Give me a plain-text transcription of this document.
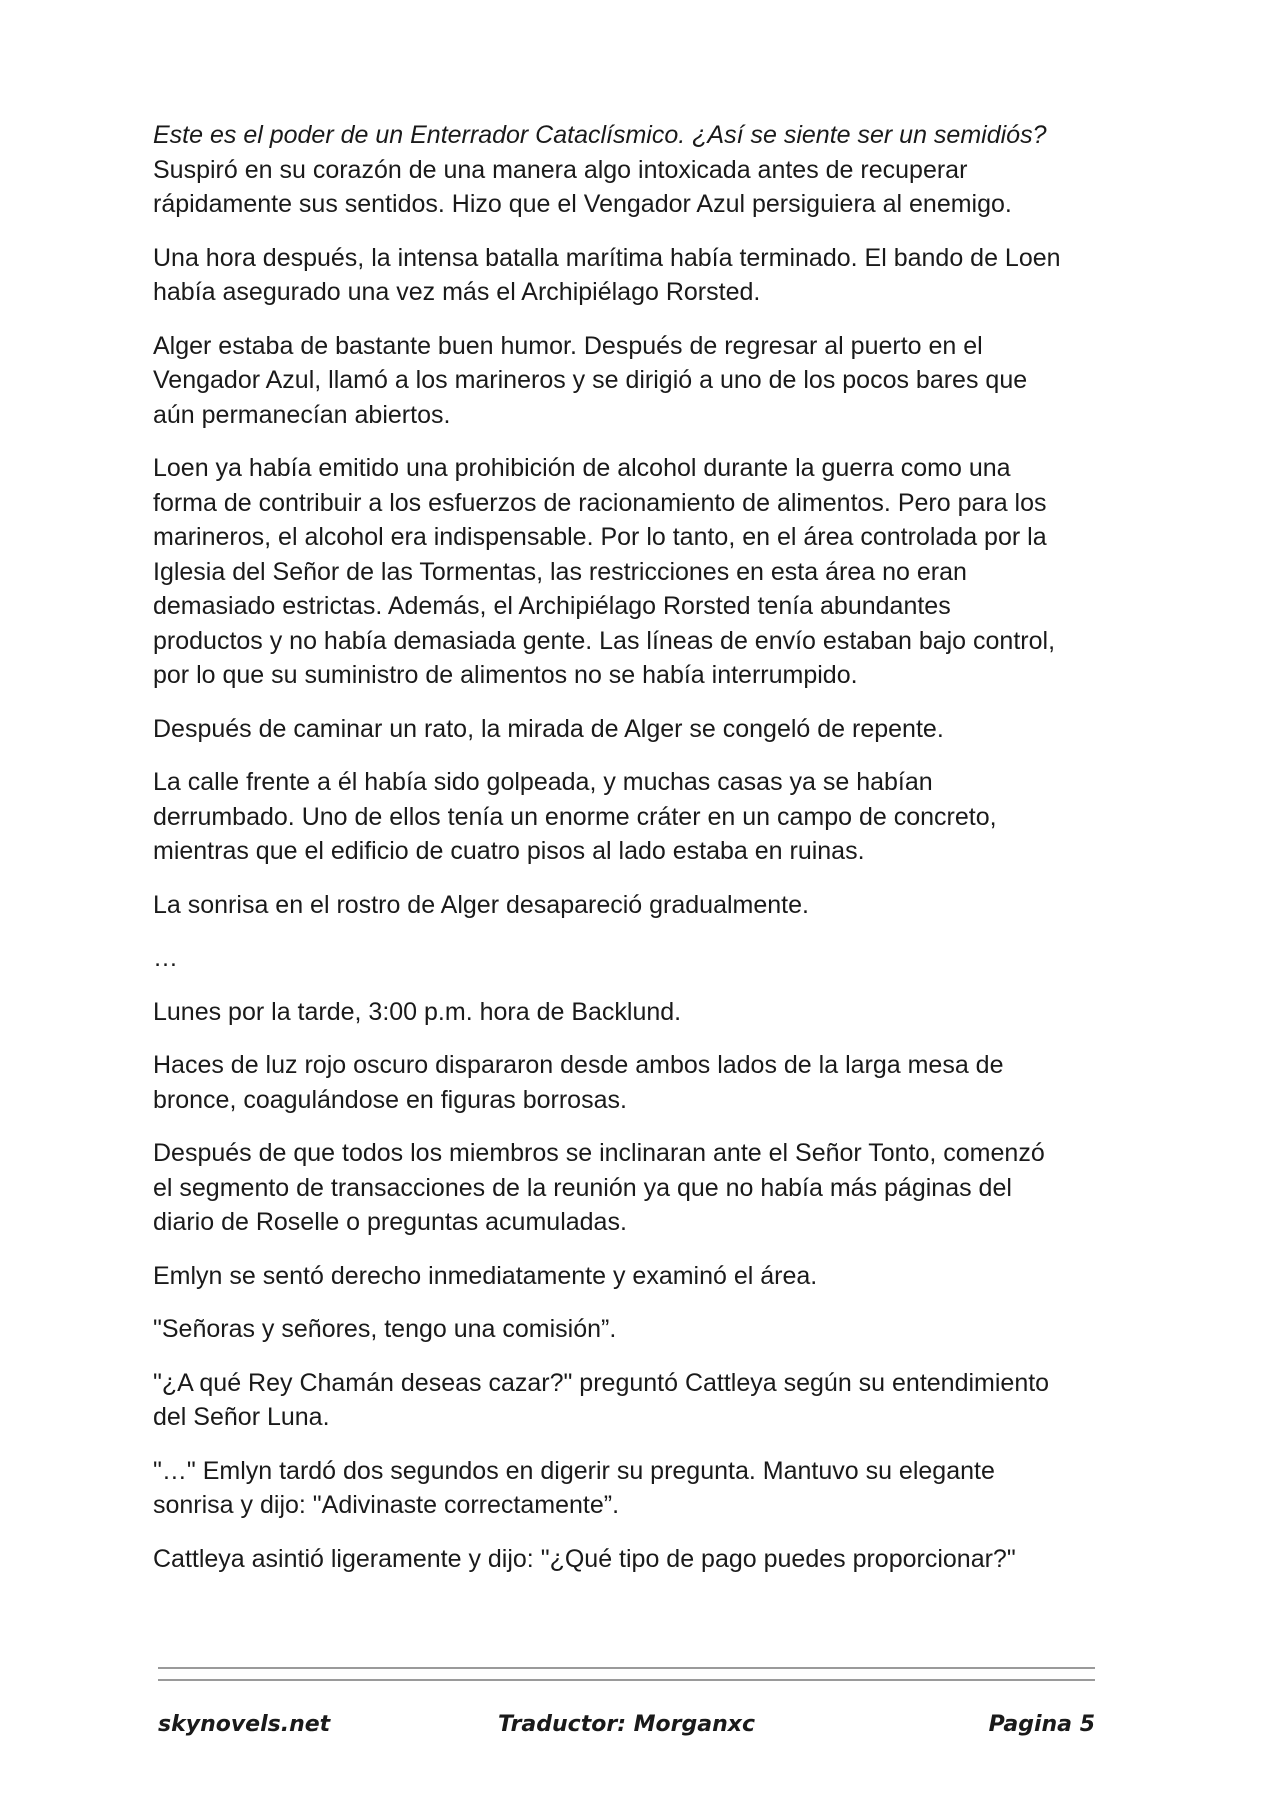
Este es el poder de un Enterrador Cataclísmico. ¿Así se siente ser un semidiós?
Suspiró en su corazón de una manera algo intoxicada antes de recuperar
rápidamente sus sentidos. Hizo que el Vengador Azul persiguiera al enemigo.

Una hora después, la intensa batalla marítima había terminado. El bando de Loen
había asegurado una vez más el Archipiélago Rorsted.

Alger estaba de bastante buen humor. Después de regresar al puerto en el
Vengador Azul, llamó a los marineros y se dirigió a uno de los pocos bares que
aún permanecían abiertos.

Loen ya había emitido una prohibición de alcohol durante la guerra como una
forma de contribuir a los esfuerzos de racionamiento de alimentos. Pero para los
marineros, el alcohol era indispensable. Por lo tanto, en el área controlada por la
Iglesia del Señor de las Tormentas, las restricciones en esta área no eran
demasiado estrictas. Además, el Archipiélago Rorsted tenía abundantes
productos y no había demasiada gente. Las líneas de envío estaban bajo control,
por lo que su suministro de alimentos no se había interrumpido.

Después de caminar un rato, la mirada de Alger se congeló de repente.

La calle frente a él había sido golpeada, y muchas casas ya se habían
derrumbado. Uno de ellos tenía un enorme cráter en un campo de concreto,
mientras que el edificio de cuatro pisos al lado estaba en ruinas.

La sonrisa en el rostro de Alger desapareció gradualmente.

…

Lunes por la tarde, 3:00 p.m. hora de Backlund.

Haces de luz rojo oscuro dispararon desde ambos lados de la larga mesa de
bronce, coagulándose en figuras borrosas.

Después de que todos los miembros se inclinaran ante el Señor Tonto, comenzó
el segmento de transacciones de la reunión ya que no había más páginas del
diario de Roselle o preguntas acumuladas.

Emlyn se sentó derecho inmediatamente y examinó el área.

"Señoras y señores, tengo una comisión”.

"¿A qué Rey Chamán deseas cazar?" preguntó Cattleya según su entendimiento
del Señor Luna.

"…" Emlyn tardó dos segundos en digerir su pregunta. Mantuvo su elegante
sonrisa y dijo: "Adivinaste correctamente”.

Cattleya asintió ligeramente y dijo: "¿Qué tipo de pago puedes proporcionar?"

skynovels.net	Traductor: Morganxc	Pagina 5
